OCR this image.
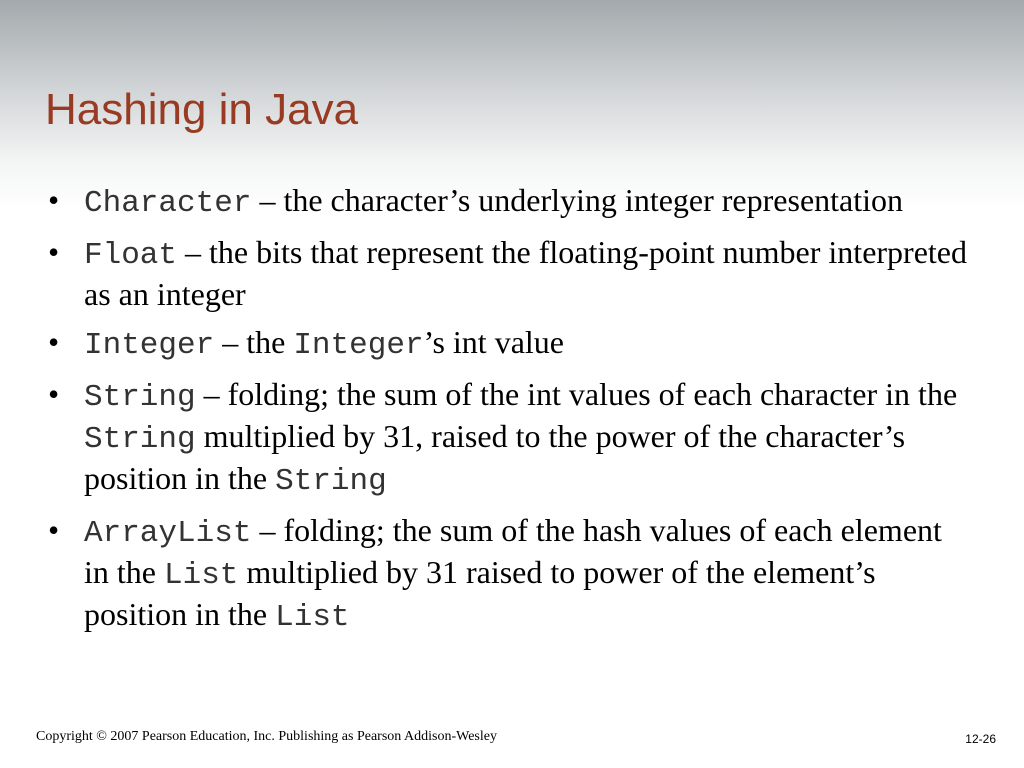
Hashing in Java
• Character – the character’s underlying integer representation
• Float – the bits that represent the floating-point number interpreted as an integer
• Integer – the Integer’s int value
• String – folding; the sum of the int values of each character in the String multiplied by 31, raised to the power of the character’s position in the String
• ArrayList – folding; the sum of the hash values of each element in the List multiplied by 31 raised to power of the element’s position in the List
Copyright © 2007 Pearson Education, Inc. Publishing as Pearson Addison-Wesley	12-26
